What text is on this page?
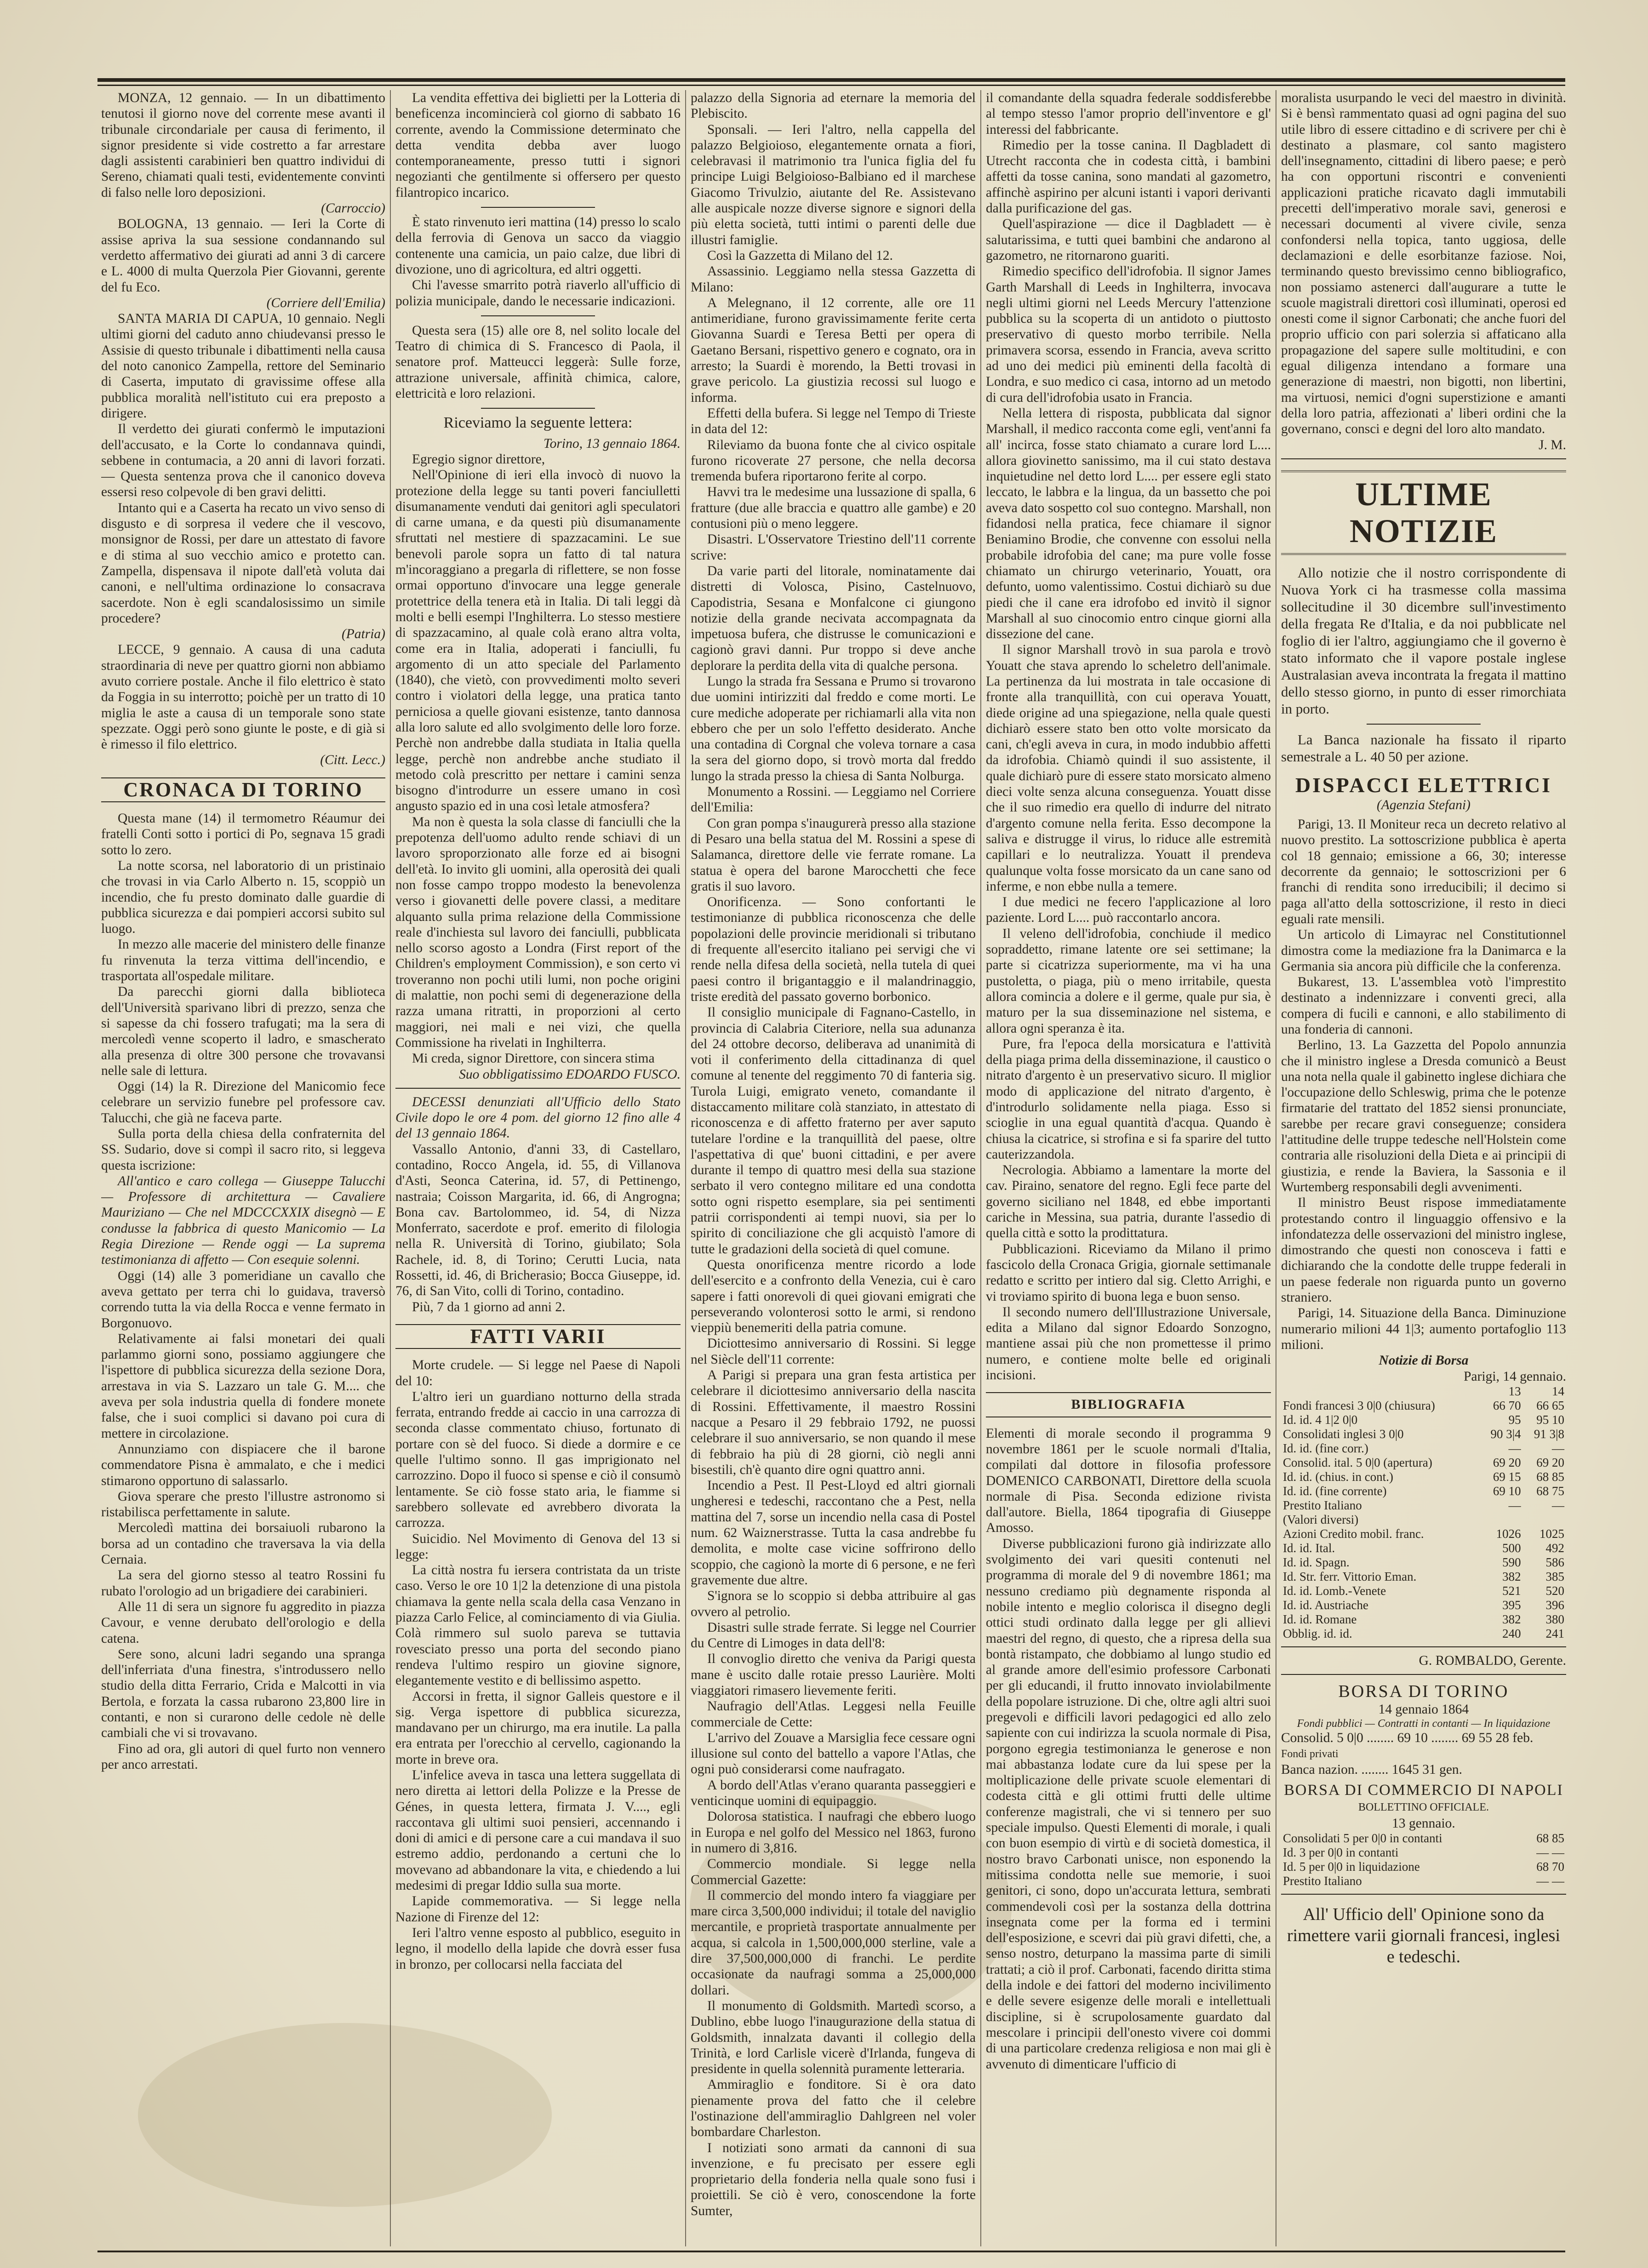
MONZA, 12 gennaio. — In un dibattimento tenutosi il giorno nove del corrente mese avanti il tribunale circondariale per causa di ferimento, il signor presidente si vide costretto a far arrestare dagli assistenti carabinieri ben quattro individui di Sereno, chiamati quali testi, evidentemente convinti di falso nelle loro deposizioni.

(Carroccio)

BOLOGNA, 13 gennaio. — Ieri la Corte di assise apriva la sua sessione condannando sul verdetto affermativo dei giurati ad anni 3 di carcere e L. 4000 di multa Querzola Pier Giovanni, gerente del fu Eco.

(Corriere dell'Emilia)

SANTA MARIA DI CAPUA, 10 gennaio. Negli ultimi giorni del caduto anno chiudevansi presso le Assisie di questo tribunale i dibattimenti nella causa del noto canonico Zampella, rettore del Seminario di Caserta, imputato di gravissime offese alla pubblica moralità nell'istituto cui era preposto a dirigere.

Il verdetto dei giurati confermò le imputazioni dell'accusato, e la Corte lo condannava quindi, sebbene in contumacia, a 20 anni di lavori forzati. — Questa sentenza prova che il canonico doveva essersi reso colpevole di ben gravi delitti.

Intanto qui e a Caserta ha recato un vivo senso di disgusto e di sorpresa il vedere che il vescovo, monsignor de Rossi, per dare un attestato di favore e di stima al suo vecchio amico e protetto can. Zampella, dispensava il nipote dall'età voluta dai canoni, e nell'ultima ordinazione lo consacrava sacerdote. Non è egli scandalosissimo un simile procedere?

(Patria)

LECCE, 9 gennaio. A causa di una caduta straordinaria di neve per quattro giorni non abbiamo avuto corriere postale. Anche il filo elettrico è stato da Foggia in su interrotto; poichè per un tratto di 10 miglia le aste a causa di un temporale sono state spezzate. Oggi però sono giunte le poste, e di già si è rimesso il filo elettrico.

(Citt. Lecc.)

CRONACA DI TORINO

Questa mane (14) il termometro Réaumur dei fratelli Conti sotto i portici di Po, segnava 15 gradi sotto lo zero.

La notte scorsa, nel laboratorio di un pristinaio che trovasi in via Carlo Alberto n. 15, scoppiò un incendio, che fu presto dominato dalle guardie di pubblica sicurezza e dai pompieri accorsi subito sul luogo.

In mezzo alle macerie del ministero delle finanze fu rinvenuta la terza vittima dell'incendio, e trasportata all'ospedale militare.

Da parecchi giorni dalla biblioteca dell'Università sparivano libri di prezzo, senza che si sapesse da chi fossero trafugati; ma la sera di mercoledì venne scoperto il ladro, e smascherato alla presenza di oltre 300 persone che trovavansi nelle sale di lettura.

Oggi (14) la R. Direzione del Manicomio fece celebrare un servizio funebre pel professore cav. Talucchi, che già ne faceva parte.

Sulla porta della chiesa della confraternita del SS. Sudario, dove si compì il sacro rito, si leggeva questa iscrizione:

All'antico e caro collega — Giuseppe Talucchi — Professore di architettura — Cavaliere Mauriziano — Che nel MDCCCXXIX disegnò — E condusse la fabbrica di questo Manicomio — La Regia Direzione — Rende oggi — La suprema testimonianza di affetto — Con esequie solenni.

Oggi (14) alle 3 pomeridiane un cavallo che aveva gettato per terra chi lo guidava, traversò correndo tutta la via della Rocca e venne fermato in Borgonuovo.

Relativamente ai falsi monetari dei quali parlammo giorni sono, possiamo aggiungere che l'ispettore di pubblica sicurezza della sezione Dora, arrestava in via S. Lazzaro un tale G. M.... che aveva per sola industria quella di fondere monete false, che i suoi complici si davano poi cura di mettere in circolazione.

Annunziamo con dispiacere che il barone commendatore Pisna è ammalato, e che i medici stimarono opportuno di salassarlo.

Giova sperare che presto l'illustre astronomo si ristabilisca perfettamente in salute.

Mercoledì mattina dei borsaiuoli rubarono la borsa ad un contadino che traversava la via della Cernaia.

La sera del giorno stesso al teatro Rossini fu rubato l'orologio ad un brigadiere dei carabinieri.

Alle 11 di sera un signore fu aggredito in piazza Cavour, e venne derubato dell'orologio e della catena.

Sere sono, alcuni ladri segando una spranga dell'inferriata d'una finestra, s'introdussero nello studio della ditta Ferrario, Crida e Malcotti in via Bertola, e forzata la cassa rubarono 23,800 lire in contanti, e non si curarono delle cedole nè delle cambiali che vi si trovavano.

Fino ad ora, gli autori di quel furto non vennero per anco arrestati.

La vendita effettiva dei biglietti per la Lotteria di beneficenza incomincierà col giorno di sabbato 16 corrente, avendo la Commissione determinato che detta vendita debba aver luogo contemporaneamente, presso tutti i signori negozianti che gentilmente si offersero per questo filantropico incarico.

È stato rinvenuto ieri mattina (14) presso lo scalo della ferrovia di Genova un sacco da viaggio contenente una camicia, un paio calze, due libri di divozione, uno di agricoltura, ed altri oggetti.

Chi l'avesse smarrito potrà riaverlo all'ufficio di polizia municipale, dando le necessarie indicazioni.

Questa sera (15) alle ore 8, nel solito locale del Teatro di chimica di S. Francesco di Paola, il senatore prof. Matteucci leggerà: Sulle forze, attrazione universale, affinità chimica, calore, elettricità e loro relazioni.

Riceviamo la seguente lettera:

Torino, 13 gennaio 1864.

Egregio signor direttore,

Nell'Opinione di ieri ella invocò di nuovo la protezione della legge su tanti poveri fanciulletti disumanamente venduti dai genitori agli speculatori di carne umana, e da questi più disumanamente sfruttati nel mestiere di spazzacamini. Le sue benevoli parole sopra un fatto di tal natura m'incoraggiano a pregarla di riflettere, se non fosse ormai opportuno d'invocare una legge generale protettrice della tenera età in Italia. Di tali leggi dà molti e belli esempi l'Inghilterra. Lo stesso mestiere di spazzacamino, al quale colà erano altra volta, come era in Italia, adoperati i fanciulli, fu argomento di un atto speciale del Parlamento (1840), che vietò, con provvedimenti molto severi contro i violatori della legge, una pratica tanto perniciosa a quelle giovani esistenze, tanto dannosa alla loro salute ed allo svolgimento delle loro forze. Perchè non andrebbe dalla studiata in Italia quella legge, perchè non andrebbe anche studiato il metodo colà prescritto per nettare i camini senza bisogno d'introdurre un essere umano in così angusto spazio ed in una così letale atmosfera?

Ma non è questa la sola classe di fanciulli che la prepotenza dell'uomo adulto rende schiavi di un lavoro sproporzionato alle forze ed ai bisogni dell'età. Io invito gli uomini, alla operosità dei quali non fosse campo troppo modesto la benevolenza verso i giovanetti delle povere classi, a meditare alquanto sulla prima relazione della Commissione reale d'inchiesta sul lavoro dei fanciulli, pubblicata nello scorso agosto a Londra (First report of the Children's employment Commission), e son certo vi troveranno non pochi utili lumi, non poche origini di malattie, non pochi semi di degenerazione della razza umana ritratti, in proporzioni al certo maggiori, nei mali e nei vizi, che quella Commissione ha rivelati in Inghilterra.

Mi creda, signor Direttore, con sincera stima

Suo obbligatissimo EDOARDO FUSCO.

DECESSI denunziati all'Ufficio dello Stato Civile dopo le ore 4 pom. del giorno 12 fino alle 4 del 13 gennaio 1864.

Vassallo Antonio, d'anni 33, di Castellaro, contadino, Rocco Angela, id. 55, di Villanova d'Asti, Seonca Caterina, id. 57, di Pettinengo, nastraia; Coisson Margarita, id. 66, di Angrogna; Bona cav. Bartolommeo, id. 54, di Nizza Monferrato, sacerdote e prof. emerito di filologia nella R. Università di Torino, giubilato; Sola Rachele, id. 8, di Torino; Cerutti Lucia, nata Rossetti, id. 46, di Bricherasio; Bocca Giuseppe, id. 76, di San Vito, colli di Torino, contadino.

Più, 7 da 1 giorno ad anni 2.

FATTI VARII

Morte crudele. — Si legge nel Paese di Napoli del 10:

L'altro ieri un guardiano notturno della strada ferrata, entrando fredde ai caccio in una carrozza di seconda classe commentato chiuso, fortunato di portare con sè del fuoco. Si diede a dormire e ce quelle l'ultimo sonno. Il gas imprigionato nel carrozzino. Dopo il fuoco si spense e ciò il consumò lentamente. Se ciò fosse stato aria, le fiamme si sarebbero sollevate ed avrebbero divorata la carrozza.

Suicidio. Nel Movimento di Genova del 13 si legge:

La città nostra fu iersera contristata da un triste caso. Verso le ore 10 1|2 la detenzione di una pistola chiamava la gente nella scala della casa Venzano in piazza Carlo Felice, al cominciamento di via Giulia. Colà rimmero sul suolo pareva se tuttavia rovesciato presso una porta del secondo piano rendeva l'ultimo respiro un giovine signore, elegantemente vestito e di bellissimo aspetto.

Accorsi in fretta, il signor Galleis questore e il sig. Verga ispettore di pubblica sicurezza, mandavano per un chirurgo, ma era inutile. La palla era entrata per l'orecchio al cervello, cagionando la morte in breve ora.

L'infelice aveva in tasca una lettera suggellata di nero diretta ai lettori della Polizze e la Presse de Génes, in questa lettera, firmata J. V...., egli raccontava gli ultimi suoi pensieri, accennando i doni di amici e di persone care a cui mandava il suo estremo addio, perdonando a certuni che lo movevano ad abbandonare la vita, e chiedendo a lui medesimi di pregar Iddio sulla sua morte.

Lapide commemorativa. — Si legge nella Nazione di Firenze del 12:

Ieri l'altro venne esposto al pubblico, eseguito in legno, il modello della lapide che dovrà esser fusa in bronzo, per collocarsi nella facciata del

palazzo della Signoria ad eternare la memoria del Plebiscito.

Sponsali. — Ieri l'altro, nella cappella del palazzo Belgioioso, elegantemente ornata a fiori, celebravasi il matrimonio tra l'unica figlia del fu principe Luigi Belgioioso-Balbiano ed il marchese Giacomo Trivulzio, aiutante del Re. Assistevano alle auspicale nozze diverse signore e signori della più eletta società, tutti intimi o parenti delle due illustri famiglie.

Così la Gazzetta di Milano del 12.

Assassinio. Leggiamo nella stessa Gazzetta di Milano:

A Melegnano, il 12 corrente, alle ore 11 antimeridiane, furono gravissimamente ferite certa Giovanna Suardi e Teresa Betti per opera di Gaetano Bersani, rispettivo genero e cognato, ora in arresto; la Suardi è morendo, la Betti trovasi in grave pericolo. La giustizia recossi sul luogo e informa.

Effetti della bufera. Si legge nel Tempo di Trieste in data del 12:

Rileviamo da buona fonte che al civico ospitale furono ricoverate 27 persone, che nella decorsa tremenda bufera riportarono ferite al corpo.

Havvi tra le medesime una lussazione di spalla, 6 fratture (due alle braccia e quattro alle gambe) e 20 contusioni più o meno leggere.

Disastri. L'Osservatore Triestino dell'11 corrente scrive:

Da varie parti del litorale, nominatamente dai distretti di Volosca, Pisino, Castelnuovo, Capodistria, Sesana e Monfalcone ci giungono notizie della grande necivata accompagnata da impetuosa bufera, che distrusse le comunicazioni e cagionò gravi danni. Pur troppo si deve anche deplorare la perdita della vita di qualche persona.

Lungo la strada fra Sessana e Prumo si trovarono due uomini intirizziti dal freddo e come morti. Le cure mediche adoperate per richiamarli alla vita non ebbero che per un solo l'effetto desiderato. Anche una contadina di Corgnal che voleva tornare a casa la sera del giorno dopo, si trovò morta dal freddo lungo la strada presso la chiesa di Santa Nolburga.

Monumento a Rossini. — Leggiamo nel Corriere dell'Emilia:

Con gran pompa s'inaugurerà presso alla stazione di Pesaro una bella statua del M. Rossini a spese di Salamanca, direttore delle vie ferrate romane. La statua è opera del barone Marocchetti che fece gratis il suo lavoro.

Onorificenza. — Sono confortanti le testimonianze di pubblica riconoscenza che delle popolazioni delle provincie meridionali si tributano di frequente all'esercito italiano pei servigi che vi rende nella difesa della società, nella tutela di quei paesi contro il brigantaggio e il malandrinaggio, triste eredità del passato governo borbonico.

Il consiglio municipale di Fagnano-Castello, in provincia di Calabria Citeriore, nella sua adunanza del 24 ottobre decorso, deliberava ad unanimità di voti il conferimento della cittadinanza di quel comune al tenente del reggimento 70 di fanteria sig. Turola Luigi, emigrato veneto, comandante il distaccamento militare colà stanziato, in attestato di riconoscenza e di affetto fraterno per aver saputo tutelare l'ordine e la tranquillità del paese, oltre l'aspettativa di que' buoni cittadini, e per avere durante il tempo di quattro mesi della sua stazione serbato il vero contegno militare ed una condotta sotto ogni rispetto esemplare, sia pei sentimenti patrii corrispondenti ai tempi nuovi, sia per lo spirito di conciliazione che gli acquistò l'amore di tutte le gradazioni della società di quel comune.

Questa onorificenza mentre ricordo a lode dell'esercito e a confronto della Venezia, cui è caro sapere i fatti onorevoli di quei giovani emigrati che perseverando volonterosi sotto le armi, si rendono vieppiù benemeriti della patria comune.

Diciottesimo anniversario di Rossini. Si legge nel Siècle dell'11 corrente:

A Parigi si prepara una gran festa artistica per celebrare il diciottesimo anniversario della nascita di Rossini. Effettivamente, il maestro Rossini nacque a Pesaro il 29 febbraio 1792, ne puossi celebrare il suo anniversario, se non quando il mese di febbraio ha più di 28 giorni, ciò negli anni bisestili, ch'è quanto dire ogni quattro anni.

Incendio a Pest. Il Pest-Lloyd ed altri giornali ungheresi e tedeschi, raccontano che a Pest, nella mattina del 7, sorse un incendio nella casa di Postel num. 62 Waiznerstrasse. Tutta la casa andrebbe fu demolita, e molte case vicine soffrirono dello scoppio, che cagionò la morte di 6 persone, e ne ferì gravemente due altre.

S'ignora se lo scoppio si debba attribuire al gas ovvero al petrolio.

Disastri sulle strade ferrate. Si legge nel Courrier du Centre di Limoges in data dell'8:

Il convoglio diretto che veniva da Parigi questa mane è uscito dalle rotaie presso Laurière. Molti viaggiatori rimasero lievemente feriti.

Naufragio dell'Atlas. Leggesi nella Feuille commerciale de Cette:

L'arrivo del Zouave a Marsiglia fece cessare ogni illusione sul conto del battello a vapore l'Atlas, che ogni può considerarsi come naufragato.

A bordo dell'Atlas v'erano quaranta passeggieri e venticinque uomini di equipaggio.

Dolorosa statistica. I naufragi che ebbero luogo in Europa e nel golfo del Messico nel 1863, furono in numero di 3,816.

Commercio mondiale. Si legge nella Commercial Gazette:

Il commercio del mondo intero fa viaggiare per mare circa 3,500,000 individui; il totale del naviglio mercantile, e proprietà trasportate annualmente per acqua, si calcola in 1,500,000,000 sterline, vale a dire 37,500,000,000 di franchi. Le perdite occasionate da naufragi somma a 25,000,000 dollari.

Il monumento di Goldsmith. Martedì scorso, a Dublino, ebbe luogo l'inaugurazione della statua di Goldsmith, innalzata davanti il collegio della Trinità, e lord Carlisle vicerè d'Irlanda, fungeva di presidente in quella solennità puramente letteraria.

Ammiraglio e fonditore. Si è ora dato pienamente prova del fatto che il celebre l'ostinazione dell'ammiraglio Dahlgreen nel voler bombardare Charleston.

I notiziati sono armati da cannoni di sua invenzione, e fu precisato per essere egli proprietario della fonderia nella quale sono fusi i proiettili. Se ciò è vero, conoscendone la forte Sumter,

il comandante della squadra federale soddisferebbe al tempo stesso l'amor proprio dell'inventore e gl' interessi del fabbricante.

Rimedio per la tosse canina. Il Dagbladett di Utrecht racconta che in codesta città, i bambini affetti da tosse canina, sono mandati al gazometro, affinchè aspirino per alcuni istanti i vapori derivanti dalla purificazione del gas.

Quell'aspirazione — dice il Dagbladett — è salutarissima, e tutti quei bambini che andarono al gazometro, ne ritornarono guariti.

Rimedio specifico dell'idrofobia. Il signor James Garth Marshall di Leeds in Inghilterra, invocava negli ultimi giorni nel Leeds Mercury l'attenzione pubblica su la scoperta di un antidoto o piuttosto preservativo di questo morbo terribile. Nella primavera scorsa, essendo in Francia, aveva scritto ad uno dei medici più eminenti della facoltà di Londra, e suo medico ci casa, intorno ad un metodo di cura dell'idrofobia usato in Francia.

Nella lettera di risposta, pubblicata dal signor Marshall, il medico racconta come egli, vent'anni fa all' incirca, fosse stato chiamato a curare lord L.... allora giovinetto sanissimo, ma il cui stato destava inquietudine nel detto lord L.... per essere egli stato leccato, le labbra e la lingua, da un bassetto che poi aveva dato sospetto col suo contegno. Marshall, non fidandosi nella pratica, fece chiamare il signor Beniamino Brodie, che convenne con essolui nella probabile idrofobia del cane; ma pure volle fosse chiamato un chirurgo veterinario, Youatt, ora defunto, uomo valentissimo. Costui dichiarò su due piedi che il cane era idrofobo ed invitò il signor Marshall al suo cinocomio entro cinque giorni alla dissezione del cane.

Il signor Marshall trovò in sua parola e trovò Youatt che stava aprendo lo scheletro dell'animale. La pertinenza da lui mostrata in tale occasione di fronte alla tranquillità, con cui operava Youatt, diede origine ad una spiegazione, nella quale questi dichiarò essere stato ben otto volte morsicato da cani, ch'egli aveva in cura, in modo indubbio affetti da idrofobia. Chiamò quindi il suo assistente, il quale dichiarò pure di essere stato morsicato almeno dieci volte senza alcuna conseguenza. Youatt disse che il suo rimedio era quello di indurre del nitrato d'argento comune nella ferita. Esso decompone la saliva e distrugge il virus, lo riduce alle estremità capillari e lo neutralizza. Youatt il prendeva qualunque volta fosse morsicato da un cane sano od inferme, e non ebbe nulla a temere.

I due medici ne fecero l'applicazione al loro paziente. Lord L.... può raccontarlo ancora.

Il veleno dell'idrofobia, conchiude il medico sopraddetto, rimane latente ore sei settimane; la parte si cicatrizza superiormente, ma vi ha una pustoletta, o piaga, più o meno irritabile, questa allora comincia a dolere e il germe, quale pur sia, è maturo per la sua disseminazione nel sistema, e allora ogni speranza è ita.

Pure, fra l'epoca della morsicatura e l'attività della piaga prima della disseminazione, il caustico o nitrato d'argento è un preservativo sicuro. Il miglior modo di applicazione del nitrato d'argento, è d'introdurlo solidamente nella piaga. Esso si scioglie in una egual quantità d'acqua. Quando è chiusa la cicatrice, si strofina e si fa sparire del tutto cauterizzandola.

Necrologia. Abbiamo a lamentare la morte del cav. Pirainо, senatore del regno. Egli fece parte del governo siciliano nel 1848, ed ebbe importanti cariche in Messina, sua patria, durante l'assedio di quella città e sotto la prodittatura.

Pubblicazioni. Riceviamo da Milano il primo fascicolo della Cronaca Grigia, giornale settimanale redatto e scritto per intiero dal sig. Cletto Arrighi, e vi troviamo spirito di buona lega e buon senso.

Il secondo numero dell'Illustrazione Universale, edita a Milano dal signor Edoardo Sonzogno, mantiene assai più che non promettesse il primo numero, e contiene molte belle ed originali incisioni.

BIBLIOGRAFIA

Elementi di morale secondo il programma 9 novembre 1861 per le scuole normali d'Italia, compilati dal dottore in filosofia professore DOMENICO CARBONATI, Direttore della scuola normale di Pisa. Seconda edizione rivista dall'autore. Biella, 1864 tipografia di Giuseppe Amosso.

Diverse pubblicazioni furono già indirizzate allo svolgimento dei vari quesiti contenuti nel programma di morale del 9 di novembre 1861; ma nessuno crediamo più degnamente risponda al nobile intento e meglio colorisca il disegno degli ottici studi ordinato dalla legge per gli allievi maestri del regno, di questo, che a ripresa della sua bontà ristampato, che dobbiamo al lungo studio ed al grande amore dell'esimio professore Carbonati per gli educandi, il frutto innovato inviolabilmente della popolare istruzione. Di che, oltre agli altri suoi pregevoli e difficili lavori pedagogici ed allo zelo sapiente con cui indirizza la scuola normale di Pisa, porgono egregia testimonianza le generose e non mai abbastanza lodate cure da lui spese per la moltiplicazione delle private scuole elementari di codesta città e gli ottimi frutti delle ultime conferenze magistrali, che vi si tennero per suo speciale impulso. Questi Elementi di morale, i quali con buon esempio di virtù e di società domestica, il nostro bravo Carbonati unisce, non esponendo la mitissima condotta nelle sue memorie, i suoi genitori, ci sono, dopo un'accurata lettura, sembrati commendevoli così per la sostanza della dottrina insegnata come per la forma ed i termini dell'esposizione, e scevri dai più gravi difetti, che, a senso nostro, deturpano la massima parte di simili trattati; a ciò il prof. Carbonati, facendo diritta stima della indole e dei fattori del moderno incivilimento e delle severe esigenze delle morali e intellettuali discipline, si è scrupolosamente guardato dal mescolare i principii dell'onesto vivere coi dommi di una particolare credenza religiosa e non mai gli è avvenuto di dimenticare l'ufficio di

moralista usurpando le veci del maestro in divinità. Si è bensì rammentato quasi ad ogni pagina del suo utile libro di essere cittadino e di scrivere per chi è destinato a plasmare, col santo magistero dell'insegnamento, cittadini di libero paese; e però ha con opportuni riscontri e convenienti applicazioni pratiche ricavato dagli immutabili precetti dell'imperativo morale savi, generosi e necessari documenti al vivere civile, senza confondersi nella topica, tanto uggiosa, delle declamazioni e delle esorbitanze faziose. Noi, terminando questo brevissimo cenno bibliografico, non possiamo astenerci dall'augurare a tutte le scuole magistrali direttori così illuminati, operosi ed onesti come il signor Carbonati; che anche fuori del proprio ufficio con pari solerzia si affaticano alla propagazione del sapere sulle moltitudini, e con egual diligenza intendano a formare una generazione di maestri, non bigotti, non libertini, ma virtuosi, nemici d'ogni superstizione e amanti della loro patria, affezionati a' liberi ordini che la governano, consci e degni del loro alto mandato.

J. M.

ULTIME NOTIZIE

Allo notizie che il nostro corrispondente di Nuova York ci ha trasmesse colla massima sollecitudine il 30 dicembre sull'investimento della fregata Re d'Italia, e da noi pubblicate nel foglio di ier l'altro, aggiungiamo che il governo è stato informato che il vapore postale inglese Australasian aveva incontrata la fregata il mattino dello stesso giorno, in punto di esser rimorchiata in porto.

La Banca nazionale ha fissato il riparto semestrale a L. 40 50 per azione.

DISPACCI ELETTRICI

(Agenzia Stefani)

Parigi, 13. Il Moniteur reca un decreto relativo al nuovo prestito. La sottoscrizione pubblica è aperta col 18 gennaio; emissione a 66, 30; interesse decorrente da gennaio; le sottoscrizioni per 6 franchi di rendita sono irreducibili; il decimo si paga all'atto della sottoscrizione, il resto in dieci eguali rate mensili.

Un articolo di Limayrac nel Constitutionnel dimostra come la mediazione fra la Danimarca e la Germania sia ancora più difficile che la conferenza.

Bukarest, 13. L'assemblea votò l'imprestito destinato a indennizzare i conventi greci, alla compera di fucili e cannoni, e allo stabilimento di una fonderia di cannoni.

Berlino, 13. La Gazzetta del Popolo annunzia che il ministro inglese a Dresda comunicò a Beust una nota nella quale il gabinetto inglese dichiara che l'occupazione dello Schleswig, prima che le potenze firmatarie del trattato del 1852 siensi pronunciate, sarebbe per recare gravi conseguenze; considera l'attitudine delle truppe tedesche nell'Holstein come contraria alle risoluzioni della Dieta e ai principii di giustizia, e rende la Baviera, la Sassonia e il Wurtemberg responsabili degli avvenimenti.

Il ministro Beust rispose immediatamente protestando contro il linguaggio offensivo e la infondatezza delle osservazioni del ministro inglese, dimostrando che questi non conosceva i fatti e dichiarando che la condotte delle truppe federali in un paese federale non riguarda punto un governo straniero.

Parigi, 14. Situazione della Banca. Diminuzione numerario milioni 44 1|3; aumento portafoglio 113 milioni.

Notizie di Borsa

Parigi, 14 gennaio.

	13	14
Fondi francesi 3 0|0 (chiusura)	66 70	66 65
Id. id. 4 1|2 0|0	95	95 10
Consolidati inglesi 3 0|0	90 3|4	91 3|8
Id. id. (fine corr.)	—	—
Consolid. ital. 5 0|0 (apertura)	69 20	69 20
Id. id. (chius. in cont.)	69 15	68 85
Id. id. (fine corrente)	69 10	68 75
Prestito Italiano	—	—
(Valori diversi)		
Azioni Credito mobil. franc.	1026	1025
Id. id. Ital.	500	492
Id. id. Spagn.	590	586
Id. Str. ferr. Vittorio Eman.	382	385
Id. id. Lomb.-Venete	521	520
Id. id. Austriache	395	396
Id. id. Romane	382	380
Obblig. id. id.	240	241

G. ROMBALDO, Gerente.

BORSA DI TORINO

14 gennaio 1864

Fondi pubblici — Contratti in contanti — In liquidazione

Consolid. 5 0|0 ........ 69 10 ........ 69 55 28 feb.

Fondi privati

Banca nazion. ........ 1645 31 gen.

BORSA DI COMMERCIO DI NAPOLI

BOLLETTINO OFFICIALE.

13 gennaio.

Consolidati 5 per 0|0 in contanti	68 85
Id. 3 per 0|0 in contanti	— —
Id. 5 per 0|0 in liquidazione	68 70
Prestito Italiano	— —

All' Ufficio dell' Opinione sono da rimettere varii giornali francesi, inglesi e tedeschi.
